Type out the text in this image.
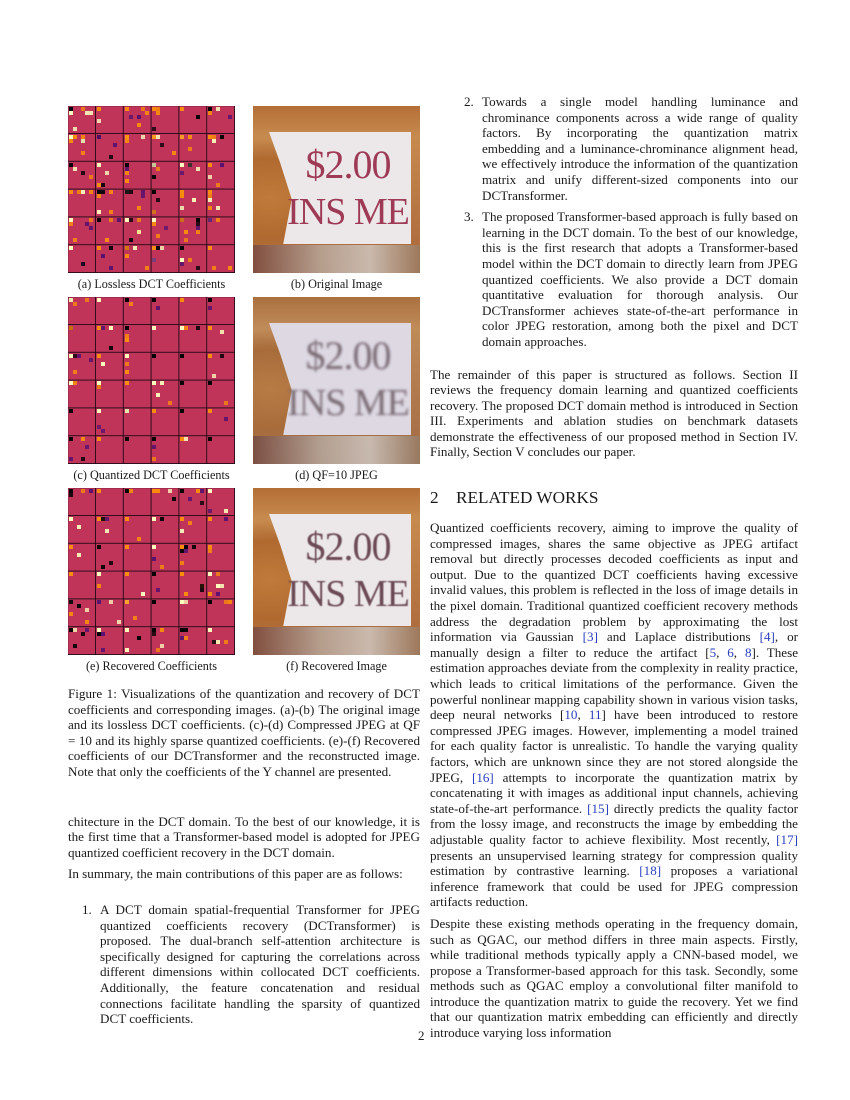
(a) Lossless DCT Coefficients
$2.00
INS ME
(b) Original Image
(c) Quantized DCT Coefficients
$2.00
INS ME
(d) QF=10 JPEG
(e) Recovered Coefficients
$2.00
INS ME
(f) Recovered Image
Figure 1: Visualizations of the quantization and recovery of DCT coefficients and corresponding images. (a)-(b) The original image and its lossless DCT coefficients. (c)-(d) Compressed JPEG at QF = 10 and its highly sparse quantized coefficients. (e)-(f) Recovered coefficients of our DCTransformer and the reconstructed image. Note that only the coefficients of the Y channel are presented.

chitecture in the DCT domain. To the best of our knowledge, it is the first time that a Transformer-based model is adopted for JPEG quantized coefficient recovery in the DCT domain.

In summary, the main contributions of this paper are as follows:

1. A DCT domain spatial-frequential Transformer for JPEG quantized coefficients recovery (DCTransformer) is proposed. The dual-branch self-attention architecture is specifically designed for capturing the correlations across different dimensions within collocated DCT coefficients. Additionally, the feature concatenation and residual connections facilitate handling the sparsity of quantized DCT coefficients.
2. Towards a single model handling luminance and chrominance components across a wide range of quality factors. By incorporating the quantization matrix embedding and a luminance-chrominance alignment head, we effectively introduce the information of the quantization matrix and unify different-sized components into our DCTransformer.
3. The proposed Transformer-based approach is fully based on learning in the DCT domain. To the best of our knowledge, this is the first research that adopts a Transformer-based model within the DCT domain to directly learn from JPEG quantized coefficients. We also provide a DCT domain quantitative evaluation for thorough analysis. Our DCTransformer achieves state-of-the-art performance in color JPEG restoration, among both the pixel and DCT domain approaches.

The remainder of this paper is structured as follows. Section II reviews the frequency domain learning and quantized coefficients recovery. The proposed DCT domain method is introduced in Section III. Experiments and ablation studies on benchmark datasets demonstrate the effectiveness of our proposed method in Section IV. Finally, Section V concludes our paper.

2 RELATED WORKS

Quantized coefficients recovery, aiming to improve the quality of compressed images, shares the same objective as JPEG artifact removal but directly processes decoded coefficients as input and output. Due to the quantized DCT coefficients having excessive invalid values, this problem is reflected in the loss of image details in the pixel domain. Traditional quantized coefficient recovery methods address the degradation problem by approximating the lost information via Gaussian [3] and Laplace distributions [4], or manually design a filter to reduce the artifact [5, 6, 8]. These estimation approaches deviate from the complexity in reality practice, which leads to critical limitations of the performance. Given the powerful nonlinear mapping capability shown in various vision tasks, deep neural networks [10, 11] have been introduced to restore compressed JPEG images. However, implementing a model trained for each quality factor is unrealistic. To handle the varying quality factors, which are unknown since they are not stored alongside the JPEG, [16] attempts to incorporate the quantization matrix by concatenating it with images as additional input channels, achieving state-of-the-art performance. [15] directly predicts the quality factor from the lossy image, and reconstructs the image by embedding the adjustable quality factor to achieve flexibility. Most recently, [17] presents an unsupervised learning strategy for compression quality estimation by contrastive learning. [18] proposes a variational inference framework that could be used for JPEG compression artifacts reduction.

Despite these existing methods operating in the frequency domain, such as QGAC, our method differs in three main aspects. Firstly, while traditional methods typically apply a CNN-based model, we propose a Transformer-based approach for this task. Secondly, some methods such as QGAC employ a convolutional filter manifold to introduce the quantization matrix to guide the recovery. Yet we find that our quantization matrix embedding can efficiently and directly introduce varying loss information

2
